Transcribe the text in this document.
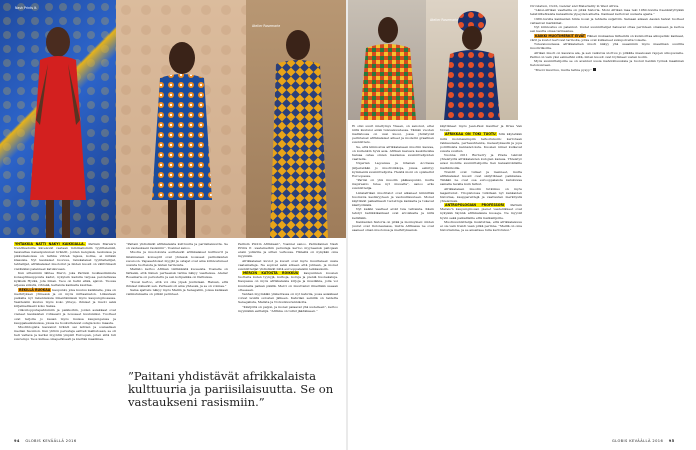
Nash Prints It.
Atelier Rosemarie
Atelier Rosemarie

YHTÄKKIÄ NÄTTI NÄKYI KAIKKIALLA. Pariisin Marais'n trendikaduilla kävelevät vastaan minimalismiin tyylittelemät, tasavaltaa naisenpukuiset brändit, joiden kengissä, laukuissa ja pikkumekoissa on tarkka vihreä rajaus, kolme, ei mitään klassisia. Nyt kaukaiset luovuus, ranskalaiset tyylitaiteilijat, tehtailijat, afrikkalaiset muotoilut ja niiden kuosit on välittömasti vietäväksi palanneet katukuvaan.

Kun sittemmin lähtee Merci, joka Pariisin luokkasimmista konseptikauppoista kadut, nykyisin kadulla tarjoaa peloteltavaa kyläisiä Hyvää, jota ilman. Teos on hetki ehkä, ajaton. Tuossa arjessa sinistä, vihreää, keltaista kankaita kauttaa.

REKILLÄ RUOKAA kaupunki, joka kuuluu kaikkialle, joka on merkityksen ytimessä ja on myös mittaamaton. Liikeidean paikalla nyt rakennuksia ilmentämässä myös kaupunginosassa. Vaatteisiin kuuluu myös koko yhteys, ihmiset ja muoti sekä kirjaimellisesti koko Saksa.

viikonlopputapahtumiin ja paikkoihin, joiden asiakkaat ovat vieneet kaukaisten rohkeasti ja nousseet kuuluisiksi. Tuotteet ovat tarjolla jo kauan myös muissa kaupungeissa ja kauppakeskuksissa, joissa ne houkuttelevat ostajia koko maasta.

Muotiblogista kasvanut brändi sai lehtien ja sosiaalisen median huomion. Kun yhtiön perustaja esitteli mallistoaan, se oli heti valtava ja keräsi myyntiä ympäri Euroopan, joten siitä tuli suurempi. Teos kulkee omaperäisesti ja kiertää maailmaa.

”Paitani yhdistävät afrikkalaista kulttuuria ja pariisilaisuutta. Se on vastaukseni rasismiin”, Yoannel sanoo.

Muotia ja muotokuvia esittelevät afrikkalaiset kulttuurit ja länsimaisen konseptit ovat yhdessä nousseet pariisilaisten suosioon. Vapaaehtoiset myyjät ja ostajat ovat aina kiinnostuneet uusista tuotteista ja niiden tarinoista.

Mallisto kertoo Afrikan värikkäistä kuoseista. Yoanelle on tärkeää, että hänen perheensä tarina näkyy vaatteissa. Atelier Rosemarie on perustettu ja sen kotipaikka on Pariisissa.

”Kuosi kertoo, että voi olla ylpeä juuristaan. Haluan, että ihmiset näkevät sen. Perheeni oli aina yhdessä, ja se on voimaa.”

Sama ajattelu näkyy myös Maliin ja Senegaliin, joissa kankaan valmistuksella on pitkät perinteet.

Pariisin Pilotin Afrikkaan”, Yoannel sanoo. Pariisilainen Nash Prints It -vaatemerkin perustaja kertoo myyneensä paitojaan ensin ystäville ja sitten verkossa. Hänellä on nykyään oma myymälä.

Afrikkalaiset kuviot ja kuosit ovat myös muuttaneet uusia vaatemalleja. Ne sopivat sekä arkeen että juhlaan, ja monet suunnittelijat yhdistävät niitä eurooppalaisiin leikkauksiin.

MERCIN KATOSTA ROIKKUU kaupunkien kuosien tuotteita kuten tyynyjä, kulhoja, koruja ja pieniä huonekaluja. Kaupassa on myös afrikkalaisia kirjoja ja musiikkia, joita voi kuunnella paikan päällä. Merci on muuttanut ilmettään useaan otteeseen.

Vanhan myymälän yläkerrassa on nyt kahvila, jossa asiakkaat voivat levätä ostosten jälkeen. Kahvilan seinillä on taidetta Senegalista, Malista ja Norsunluurannikolta.

”Kävijöitä on paljon, ja monet palaavat yhä uudelleen”, kertoo myymälän esittelijä. ”Afrikka on tullut jäädäkseen.”

”Paitani yhdistävät afrikkalaista kulttuuria ja pariisilaisuutta. Se on vastaukseni rasismiin.”

Ei olisi suuri mieltymys Ylseen, on sanonut, ettei niitä kuuluisi enää tulevaisuudessa. Tämän vuoden mallistossa on uusi kuosi, jossa yhdistyvät perinteiset afrikkalaiset aiheet ja moderni graafinen suunnittelu.

Se, että kiinnostus afrikkalaiseen muotiin kasvaa, on kuitenkin hyvä asia. Afrikan kasvava keskiluokka haluaa ostaa omien maidensa suunnittelijoiden vaatteita.

Nigerian Lagosissa ja Ghanan Accrassa järjestetään jo muotiviikkoja, joissa esiintyy kymmeniä suunnittelijoita. Heistä moni on opiskellut Euroopassa.

”Pariisi on yhä muodin pääkaupunki, mutta inspiraatio tulee nyt muualta”, sanoo eräs suunnittelija.

Länsiafrikan muotitalot ovat alkaneet kiinnittää huomiota kestävyyteen ja vastuullisuuteen. Monet käyttävät paikallisesti tuotettuja kankaita ja tukevat käsityöläisiä.

Nyt kaikki vaatteet eivät tule tehtaista. Käsin tehdyt batiikkikankaat ovat arvokkaita ja niitä kerätään.

Kankaiden historia on pitkä ja monisyinen: niiden juuret ovat Indonesiassa, mutta Afrikassa ne ovat saaneet oman muotonsa ja merkityksensä.

käyttäneet myös Jean-Paul Gaultier ja Dries Van Noten.

AFRIKKAA ON TOKI TUOTU Sitä käytetään mitä moninaisimpiin tarkoituksiin: kerrotaan rakkaudesta, perhesuhteista, menestyksestä ja jopa poliittisista kannanotoista. Kuosien nimet kulkevat suusta suuhun.

Vuonna 2011 Burberry ja Prada tekivät yhteistyötä afrikkalaisten kutojien kanssa. Yhteistyö avasi monille suunnittelijoille tien kansainvälisille markkinoille.

Trendit ovat tulleet ja menneet, mutta afrikkalaiset kuosit ovat säilyttäneet paikkansa. Tänään ne ovat osa eurooppalaista katukuvaa samalla tavalla kuin farkut.

Afrikkalaisen muodin tutkimus on myös laajentunut. Yliopistoissa tutkitaan nyt kankaiden historiaa, kauppareittejä ja vaatteiden merkitystä yhteisöissä.

ANTROPOLOGIAN PROFESSORI Pariisin Marais'n kaupunginosan pienet vaateliikkeet ovat nykyään täynnä afrikkalaisia kuoseja. Ne myyvät hyvin sekä paikallisille että matkailijoille.

Muotisuunnittelija muistuttaa, että afrikkalaisuus ei ole vain trendi vaan pitkä perinne. ”Meillä on oma historiamme, ja se ansaitsee tulla kerrotuksi.”

Circulation, Cloth, Gender and Materiality in West Africa.

”Länsi-Afrikan vaatteilla on pitkä historia. Moni Afrikan maa teki 1960-luvulla itsenäistyttyään tekstiilitehtaista kansallista ylpeyden aihetta. Kankaat kertoivat uudesta ajasta.”

1980-luvulla kankaiden hinta nousi ja tehtaita suljettiin. Samaan aikaan Aasian halvat tuotteet valtasivat markkinat.

Nyt kiinnostus on palannut. Uudet suunnittelijat haluavat ottaa perinteen omakseen ja kertoa sen kautta omaa tarinaansa.

KAIKKI MUOTIMERKIT EIVÄT Hänen mukaansa tärkeintä on kunnioittaa alkuperää: kankaat, värit ja kuviot kertovat tarinoita, jotka ovat kulkeneet sukupolvelta toiselle.

Tulevaisuudessa afrikkalainen muoti näkyy yhä useammin myös maailman suurilla muotiviikoilla.

Afrikan muoti on kasvava ala, ja sen vaikutus ulottuu jo pitkälle maanosan rajojen ulkopuolelle. Pariisi on vain yksi esimerkki siitä, miten kuosit ovat löytäneet uuden kodin.

Myös suunnittelijoille se on avannut uusia mahdollisuuksia ja tuonut heidän työnsä maailman tietoisuuteen.

”Muoti muuttuu, mutta tarina pysyy.”

94 GLOBIS KEVÄÄLLÄ 2016	GLOBIS KEVÄÄLLÄ 2016 95
